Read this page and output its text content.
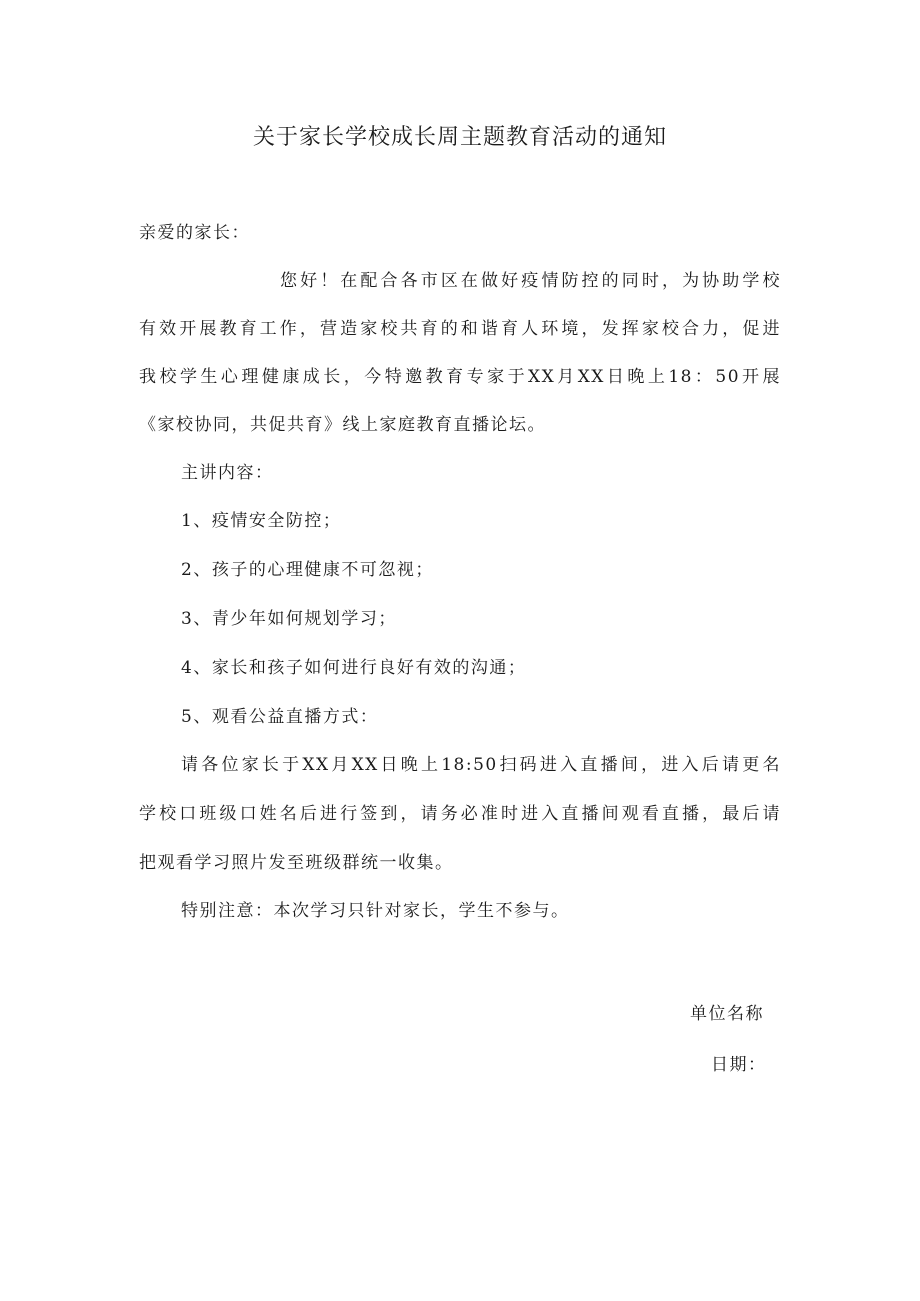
关于家长学校成长周主题教育活动的通知
亲爱的家长：
您好！在配合各市区在做好疫情防控的同时，为协助学校
有效开展教育工作，营造家校共育的和谐育人环境，发挥家校合力，促进
我校学生心理健康成长，今特邀教育专家于XX月XX日晚上18：50开展
《家校协同，共促共育》线上家庭教育直播论坛。
主讲内容：
1、疫情安全防控；
2、孩子的心理健康不可忽视；
3、青少年如何规划学习；
4、家长和孩子如何进行良好有效的沟通；
5、观看公益直播方式：
请各位家长于XX月XX日晚上18:50扫码进入直播间，进入后请更名
学校口班级口姓名后进行签到，请务必准时进入直播间观看直播，最后请
把观看学习照片发至班级群统一收集。
特别注意：本次学习只针对家长，学生不参与。
单位名称
日期：
